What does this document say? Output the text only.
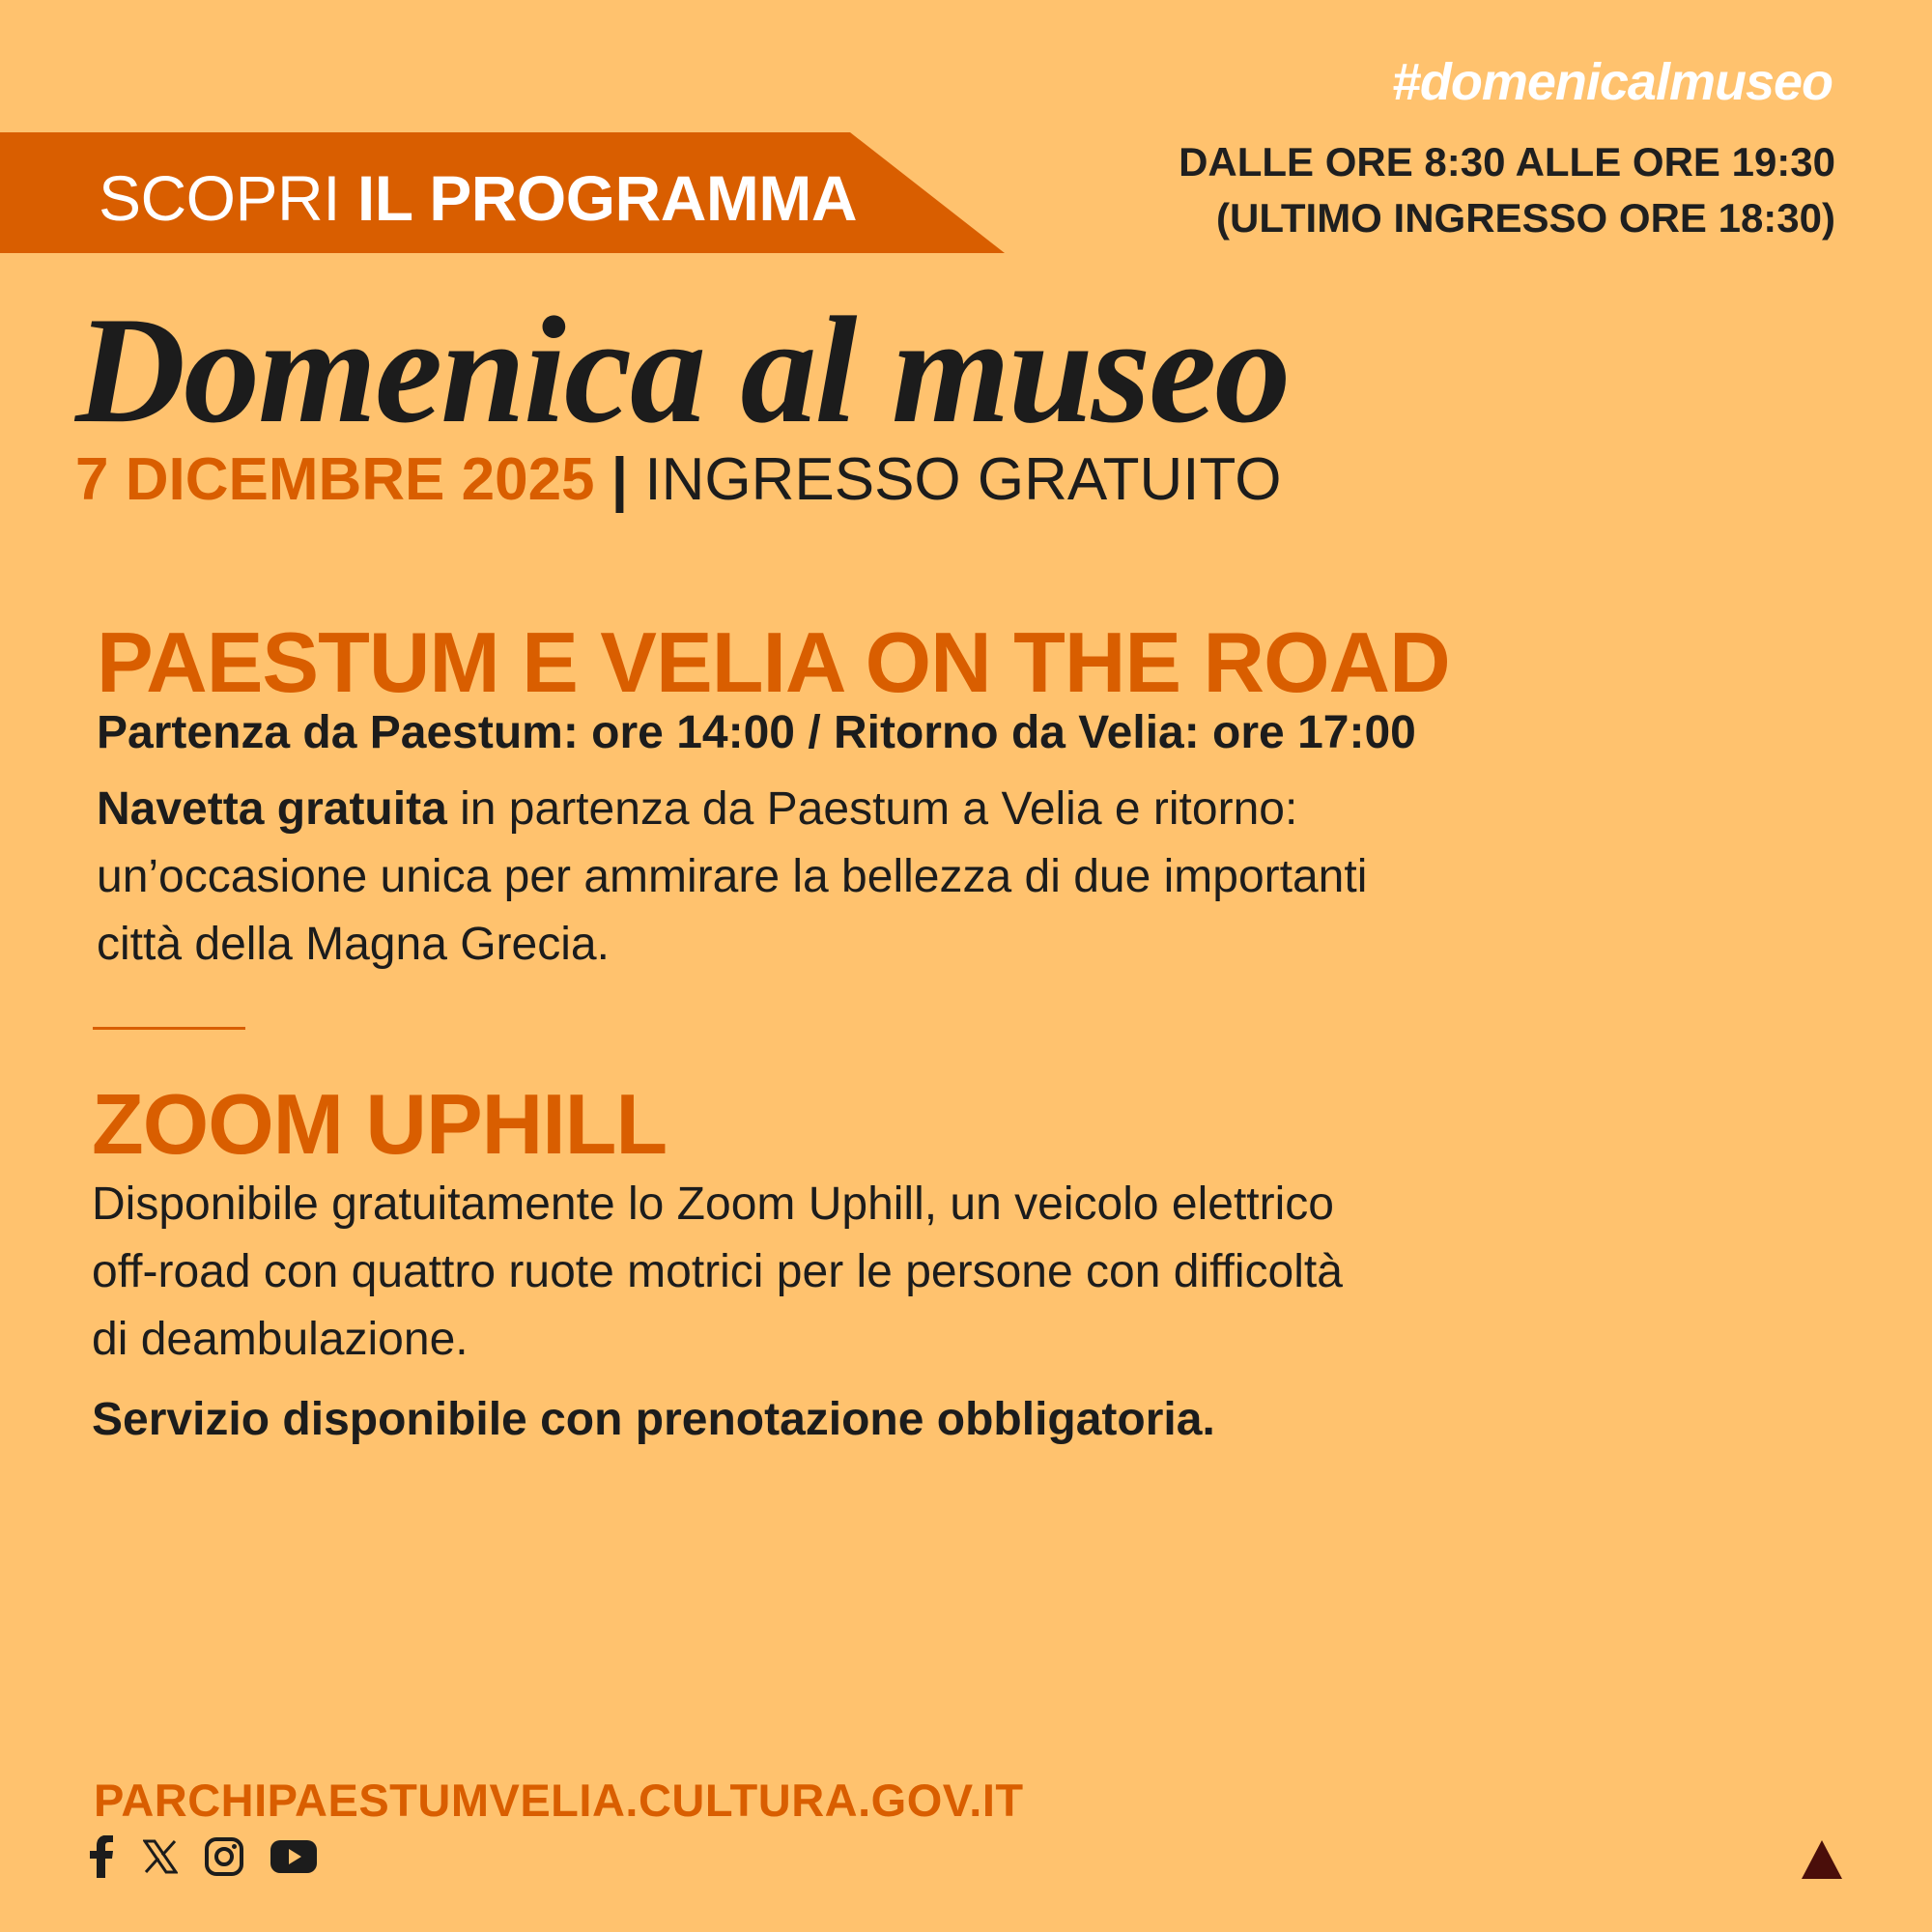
#domenicalmuseo
DALLE ORE 8:30 ALLE ORE 19:30
(ULTIMO INGRESSO ORE 18:30)
SCOPRI IL PROGRAMMA
Domenica al museo
7 DICEMBRE 2025 | INGRESSO GRATUITO
PAESTUM E VELIA ON THE ROAD
Partenza da Paestum: ore 14:00 / Ritorno da Velia: ore 17:00
Navetta gratuita in partenza da Paestum a Velia e ritorno:
un’occasione unica per ammirare la bellezza di due importanti
città della Magna Grecia.
ZOOM UPHILL
Disponibile gratuitamente lo Zoom Uphill, un veicolo elettrico
off-road con quattro ruote motrici per le persone con difficoltà
di deambulazione.
Servizio disponibile con prenotazione obbligatoria.
PARCHIPAESTUMVELIA.CULTURA.GOV.IT
